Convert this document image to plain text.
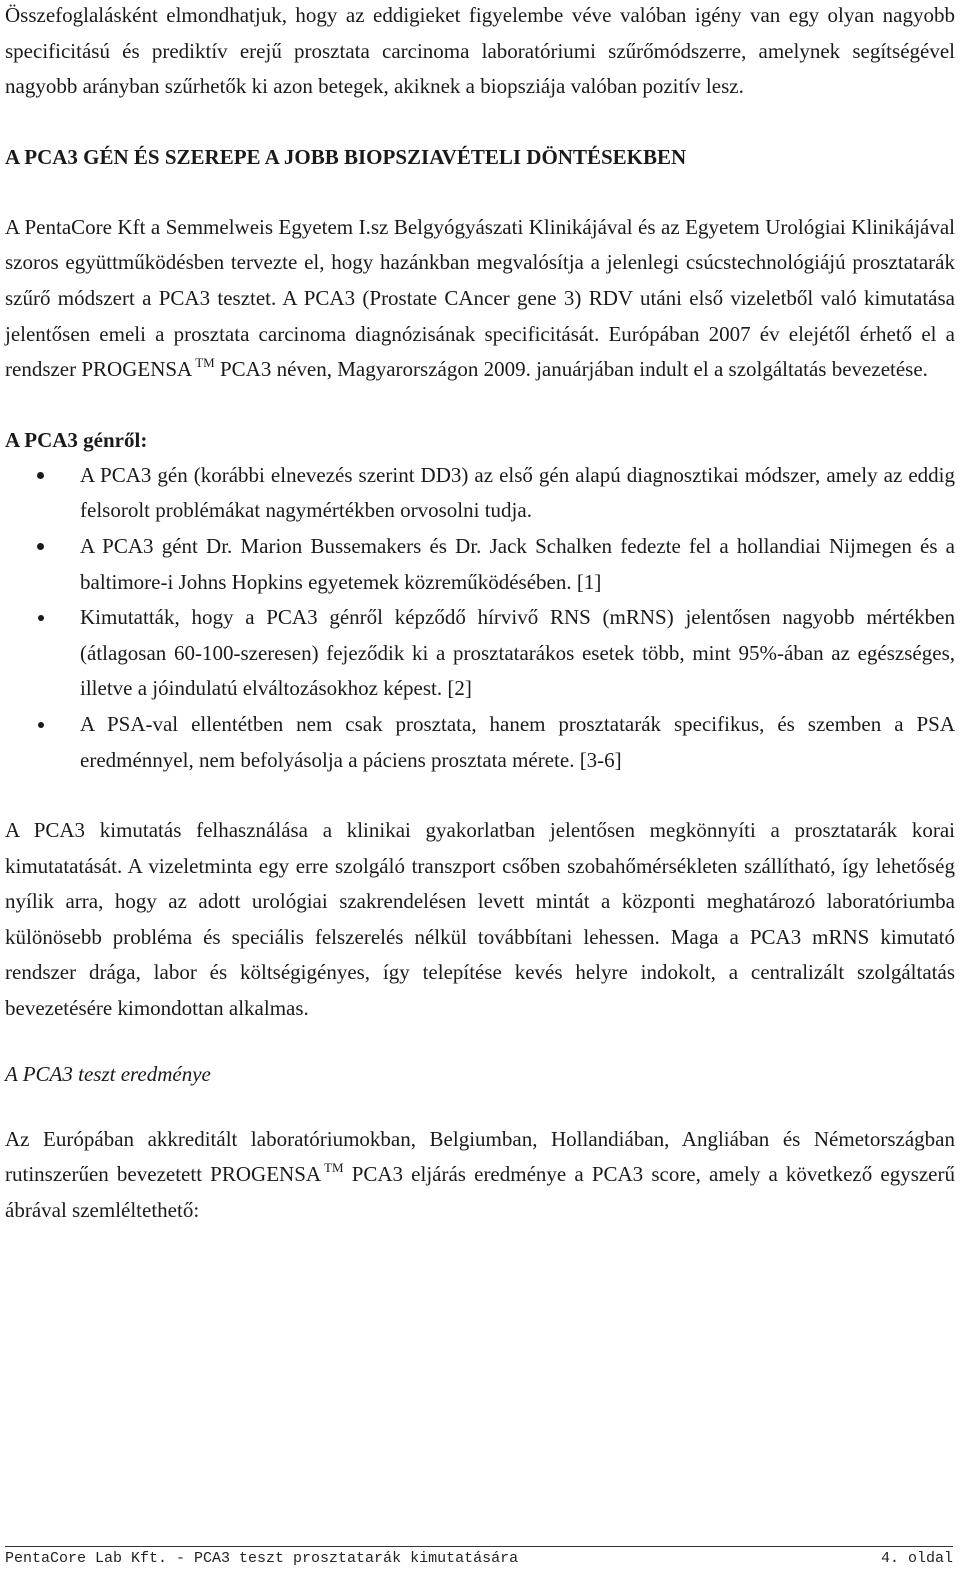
Összefoglalásként elmondhatjuk, hogy az eddigieket figyelembe véve valóban igény van egy olyan nagyobb specificitású és prediktív erejű prosztata carcinoma laboratóriumi szűrőmódszerre, amelynek segítségével nagyobb arányban szűrhetők ki azon betegek, akiknek a biopsziája valóban pozitív lesz.

A PCA3 GÉN ÉS SZEREPE A JOBB BIOPSZIAVÉTELI DÖNTÉSEKBEN

A PentaCore Kft a Semmelweis Egyetem I.sz Belgyógyászati Klinikájával és az Egyetem Urológiai Klinikájával szoros együttműködésben tervezte el, hogy hazánkban megvalósítja a jelenlegi csúcstechnológiájú prosztatarák szűrő módszert a PCA3 tesztet. A PCA3 (Prostate CAncer gene 3) RDV utáni első vizeletből való kimutatása jelentősen emeli a prosztata carcinoma diagnózisának specificitását. Európában 2007 év elejétől érhető el a rendszer PROGENSA ™ PCA3 néven, Magyarországon 2009. januárjában indult el a szolgáltatás bevezetése.

A PCA3 génről:

A PCA3 gén (korábbi elnevezés szerint DD3) az első gén alapú diagnosztikai módszer, amely az eddig felsorolt problémákat nagymértékben orvosolni tudja.
A PCA3 gént Dr. Marion Bussemakers és Dr. Jack Schalken fedezte fel a hollandiai Nijmegen és a baltimore-i Johns Hopkins egyetemek közreműködésében. [1]
Kimutatták, hogy a PCA3 génről képződő hírvivő RNS (mRNS) jelentősen nagyobb mértékben (átlagosan 60-100-szeresen) fejeződik ki a prosztatarákos esetek több, mint 95%-ában az egészséges, illetve a jóindulatú elváltozásokhoz képest. [2]
A PSA-val ellentétben nem csak prosztata, hanem prosztatarák specifikus, és szemben a PSA eredménnyel, nem befolyásolja a páciens prosztata mérete. [3-6]

A PCA3 kimutatás felhasználása a klinikai gyakorlatban jelentősen megkönnyíti a prosztatarák korai kimutatatását. A vizeletminta egy erre szolgáló transzport csőben szobahőmérsékleten szállítható, így lehetőség nyílik arra, hogy az adott urológiai szakrendelésen levett mintát a központi meghatározó laboratóriumba különösebb probléma és speciális felszerelés nélkül továbbítani lehessen. Maga a PCA3 mRNS kimutató rendszer drága, labor és költségigényes, így telepítése kevés helyre indokolt, a centralizált szolgáltatás bevezetésére kimondottan alkalmas.

A PCA3 teszt eredménye

Az Európában akkreditált laboratóriumokban, Belgiumban, Hollandiában, Angliában és Németországban rutinszerűen bevezetett PROGENSA ™ PCA3 eljárás eredménye a PCA3 score, amely a következő egyszerű ábrával szemléltethető:

PentaCore Lab Kft. - PCA3 teszt prosztatarák kimutatására	4. oldal
